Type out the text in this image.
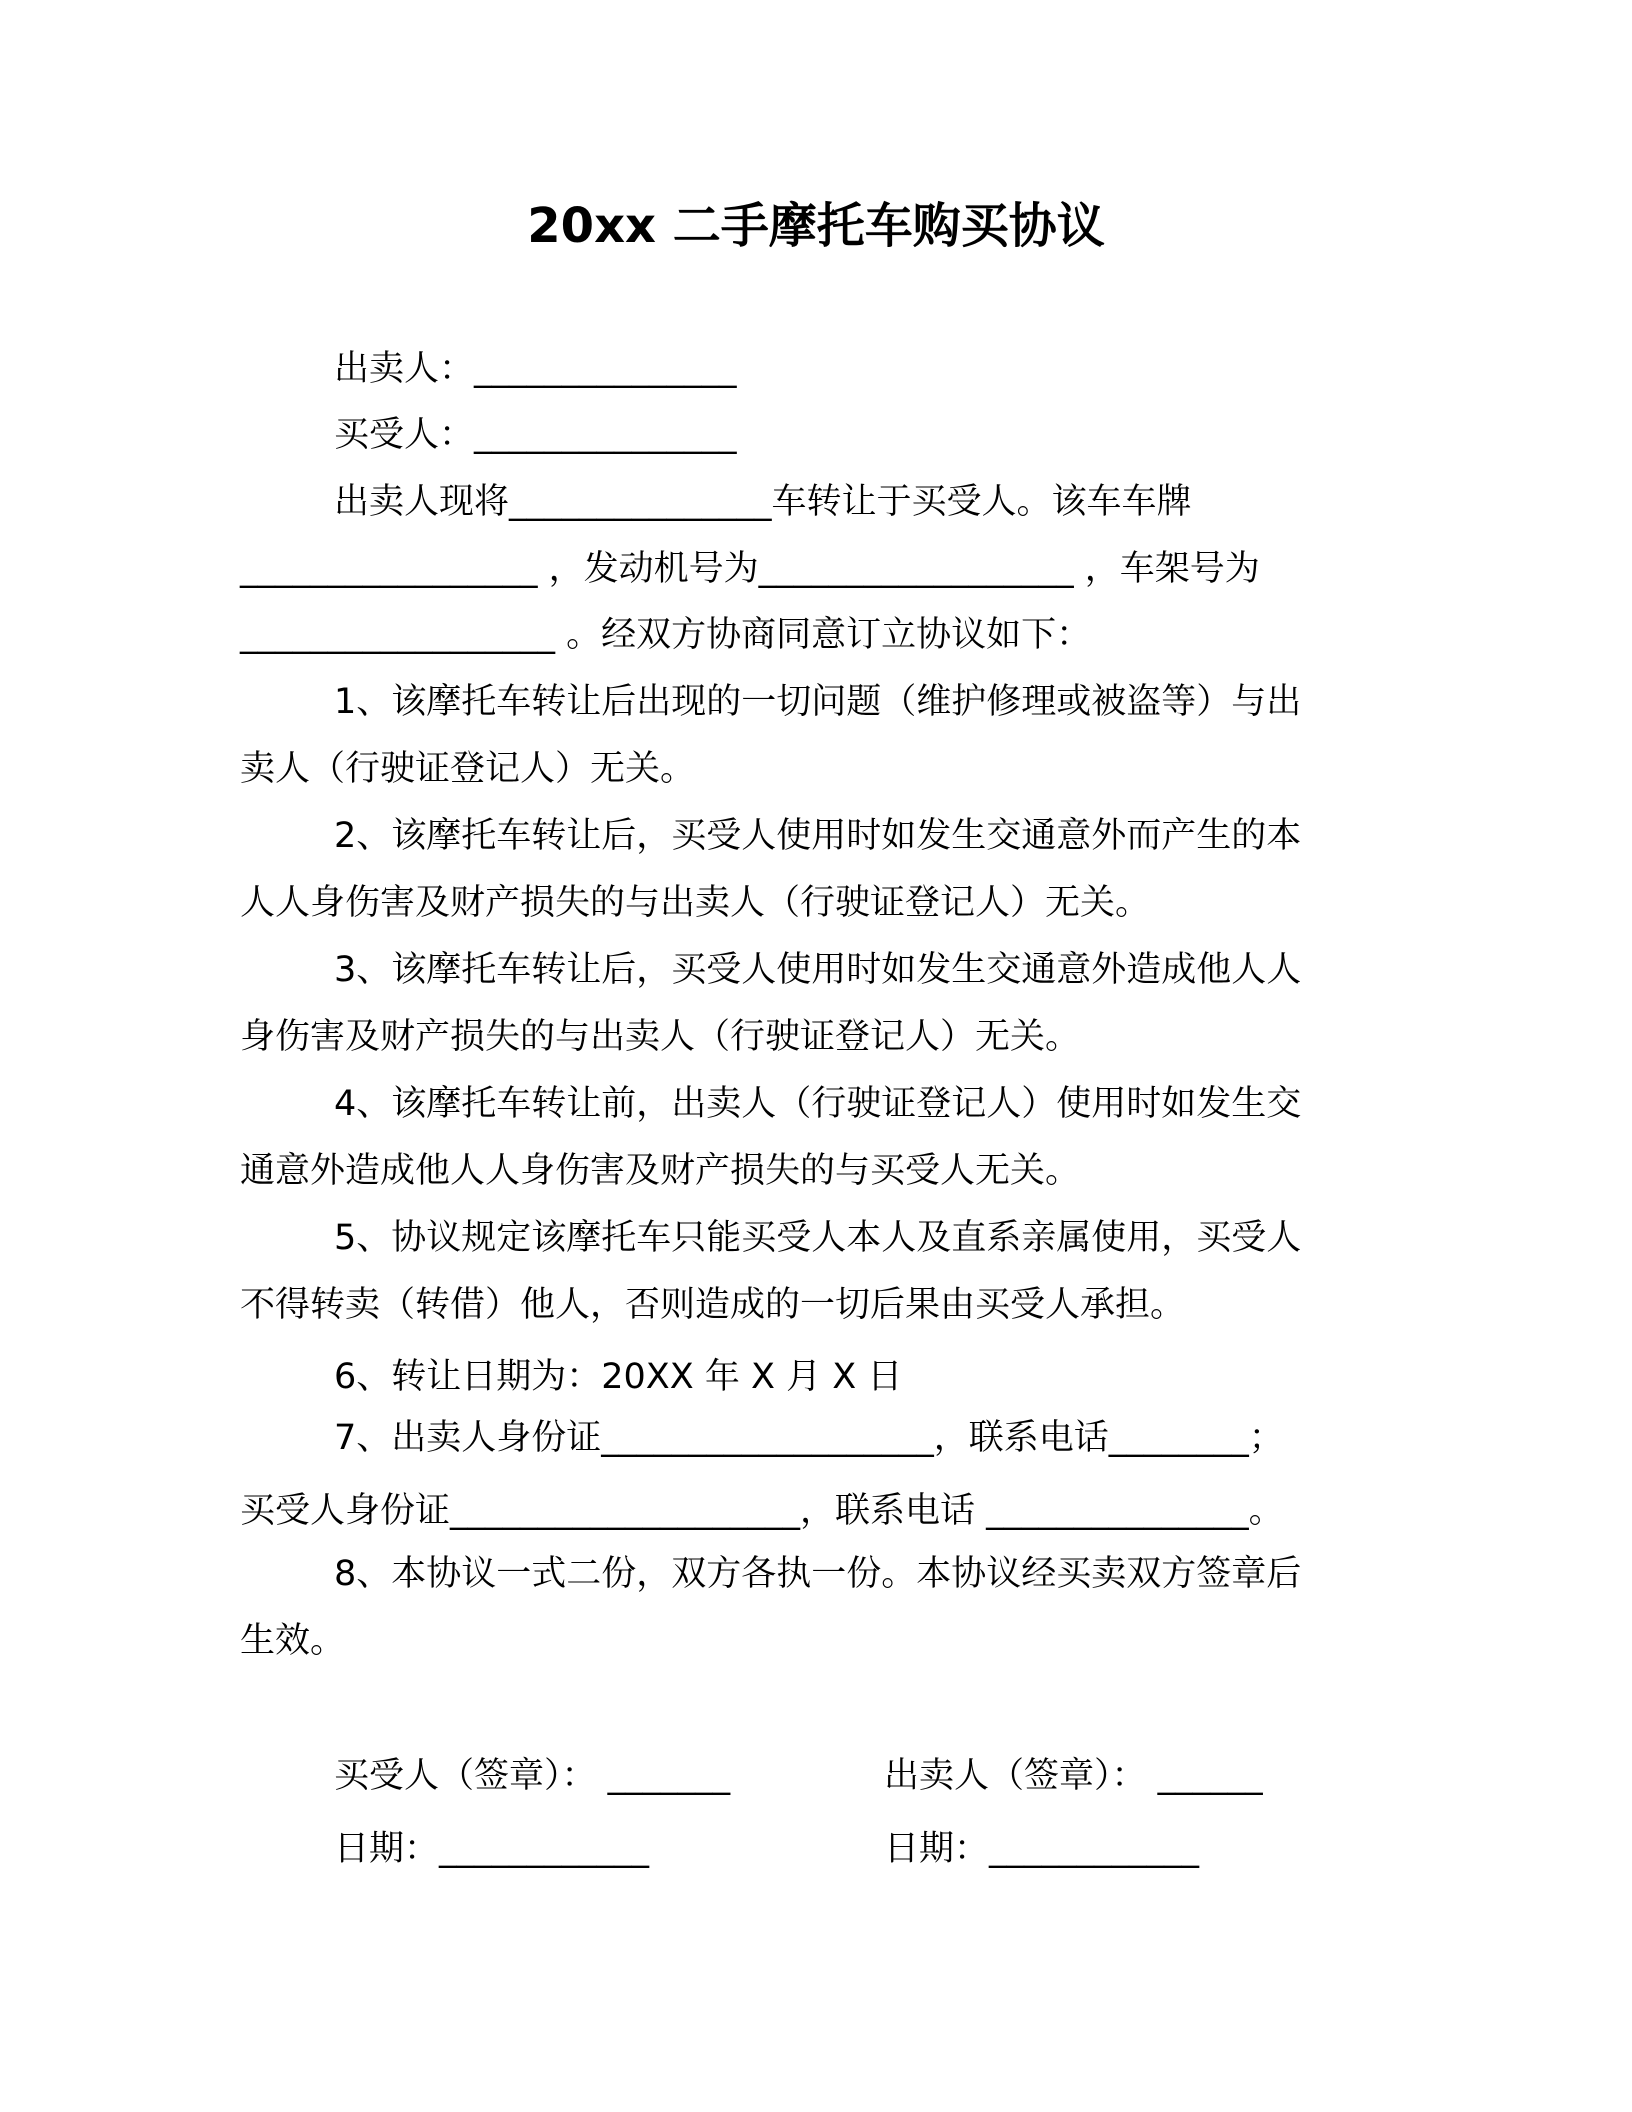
20xx 二手摩托车购买协议
出卖人：_______________
买受人：_______________
出卖人现将_______________车转让于买受人。该车车牌
_________________ ，发动机号为__________________ ，车架号为
__________________ 。经双方协商同意订立协议如下：
1、该摩托车转让后出现的一切问题（维护修理或被盗等）与出
卖人（行驶证登记人）无关。
2、该摩托车转让后，买受人使用时如发生交通意外而产生的本
人人身伤害及财产损失的与出卖人（行驶证登记人）无关。
3、该摩托车转让后，买受人使用时如发生交通意外造成他人人
身伤害及财产损失的与出卖人（行驶证登记人）无关。
4、该摩托车转让前，出卖人（行驶证登记人）使用时如发生交
通意外造成他人人身伤害及财产损失的与买受人无关。
5、协议规定该摩托车只能买受人本人及直系亲属使用，买受人
不得转卖（转借）他人，否则造成的一切后果由买受人承担。
6、转让日期为：20XX 年 X 月 X 日
7、出卖人身份证___________________，联系电话________；
买受人身份证____________________，联系电话 _______________。
8、本协议一式二份，双方各执一份。本协议经买卖双方签章后
生效。
买受人（签章）： _______	出卖人（签章）： ______
日期：____________	日期：____________
